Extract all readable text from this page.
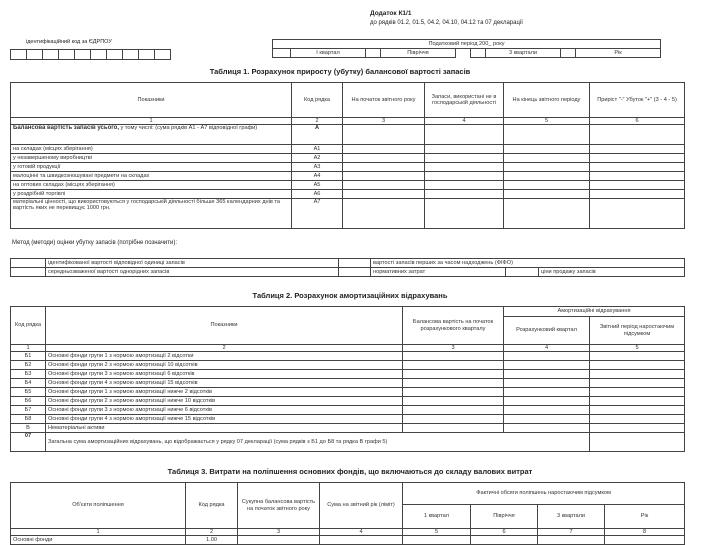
Додаток К1/1
до рядків 01.2, 01.5, 04.2, 04.10, 04.12 та 07 декларації
ідентифікаційний код за ЄДРПОУ	Податковий період 200_ року
	I квартал		Півріччя			3 квартали		Рік
Таблиця 1. Розрахунок приросту (убутку) балансової вартості запасів
Показники	Код рядка	На початок звітного року	Запаси, використані не в господарській діяльності	На кінець звітного періоду	Приріст "-" Убуток "+" (3 - 4 - 5)
1	2	3	4	5	6
Балансова вартість запасів усього, у тому числі: (сума рядків А1 - А7 відповідної графи)	А				
на складах (місцях зберігання)	А1				
у незавершеному виробництві	А2				
у готовій продукції	А3				
малоцінні та швидкозношувані предмети на складах	А4				
на оптових складах (місцях зберігання)	А5				
у роздрібній торгівлі	А6				
матеріальні цінності, що використовуються у господарській діяльності більше 365 календарних днів та вартість яких не перевищує 1000 грн.	А7				
Метод (методи) оцінки убутку запасів (потрібне позначити):
	ідентифікованої вартості відповідної одиниці запасів		вартості запасів перших за часом надходжень (ФІФО)		
	середньозваженої вартості однорідних запасів		нормативних затрат		ціни продажу запасів
Таблиця 2. Розрахунок амортизаційних відрахувань
Код рядка	Показники	Балансова вартість на початок розрахункового кварталу	Амортизаційні відрахування	
			Розрахунковий квартал	Звітний період наростаючим підсумком
1	2	3	4	5
Б1	Основні фонди групи 1 з нормою амортизації 2 відсотки			
Б2	Основні фонди групи 2 з нормою амортизації 10 відсотків			
Б3	Основні фонди групи 3 з нормою амортизації 6 відсотків			
Б4	Основні фонди групи 4 з нормою амортизації 15 відсотків			
Б5	Основні фонди групи 1 з нормою амортизації нижче 2 відсотків			
Б6	Основні фонди групи 2 з нормою амортизації нижче 10 відсотків			
Б7	Основні фонди групи 3 з нормою амортизації нижче 6 відсотків			
Б8	Основні фонди групи 4 з нормою амортизації нижче 15 відсотків			
В	Нематеріальні активи			
07	Загальна сума амортизаційних відрахувань, що відображається у рядку 07 декларації (сума рядків з Б1 до Б8 та рядка В графи 5)			
Таблиця 3. Витрати на поліпшення основних фондів, що включаються до складу валових витрат
Об'єкти поліпшення	Код рядка	Сукупна балансова вартість на початок звітного року	Сума на звітний рік (ліміт)	Фактичні обсяги поліпшень наростаючим підсумком			
				1 квартал	Півріччя	3 квартали	Рік
1	2	3	4	5	6	7	8
Основні фонди	1.00						
